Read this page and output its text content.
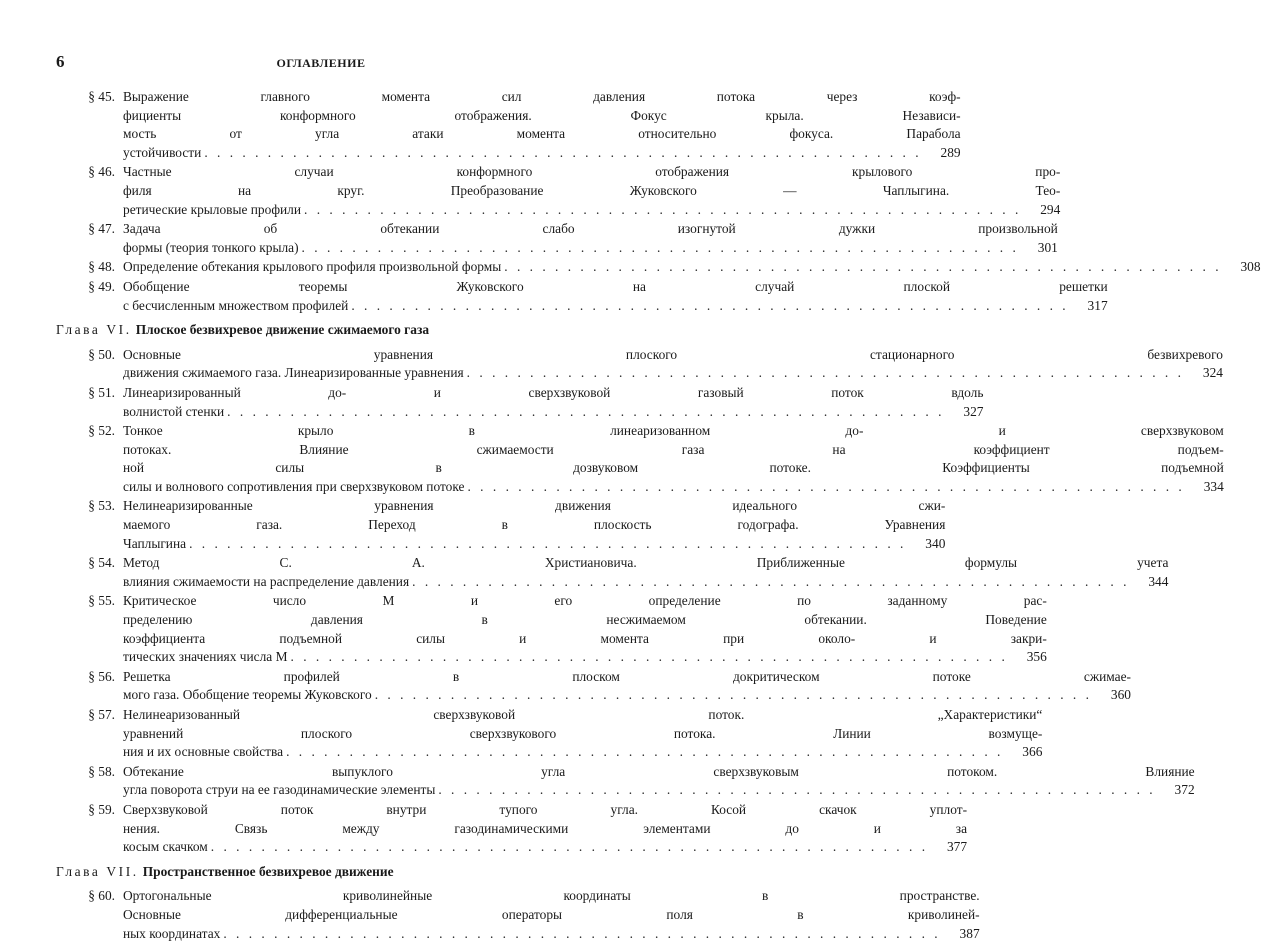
6	ОГЛАВЛЕНИЕ
§ 45. Выражение главного момента сил давления потока через коэф-
фициенты конформного отображения. Фокус крыла. Независи-
мость от угла атаки момента относительно фокуса. Парабола
устойчивости . . .	289
§ 46. Частные случаи конформного отображения крылового про-
филя на круг. Преобразование Жуковского — Чаплыгина. Тео-
ретические крыловые профили . . .	294
§ 47. Задача об обтекании слабо изогнутой дужки произвольной
формы (теория тонкого крыла) . . .	301
§ 48. Определение обтекания крылового профиля произвольной формы . . .	308
§ 49. Обобщение теоремы Жуковского на случай плоской решетки
с бесчисленным множеством профилей . . .	317
Глава VI. Плоское безвихревое движение сжимаемого газа
§ 50. Основные уравнения плоского стационарного безвихревого
движения сжимаемого газа. Линеаризированные уравнения . . .	324
§ 51. Линеаризированный до- и сверхзвуковой газовый поток вдоль
волнистой стенки . . .	327
§ 52. Тонкое крыло в линеаризованном до- и сверхзвуковом
потоках. Влияние сжимаемости газа на коэффициент подъем-
ной силы в дозвуковом потоке. Коэффициенты подъемной
силы и волнового сопротивления при сверхзвуковом потоке . . .	334
§ 53. Нелинеаризированные уравнения движения идеального сжи-
маемого газа. Переход в плоскость годографа. Уравнения
Чаплыгина . . .	340
§ 54. Метод С. А. Христиановича. Приближенные формулы учета
влияния сжимаемости на распределение давления . . .	344
§ 55. Критическое число M и его определение по заданному рас-
пределению давления в несжимаемом обтекании. Поведение
коэффициента подъемной силы и момента при около- и закри-
тических значениях числа M . . .	356
§ 56. Решетка профилей в плоском докритическом потоке сжимае-
мого газа. Обобщение теоремы Жуковского . . .	360
§ 57. Нелинеаризованный сверхзвуковой поток. „Характеристики“
уравнений плоского сверхзвукового потока. Линии возмуще-
ния и их основные свойства . . .	366
§ 58. Обтекание выпуклого угла сверхзвуковым потоком. Влияние
угла поворота струи на ее газодинамические элементы . . .	372
§ 59. Сверхзвуковой поток внутри тупого угла. Косой скачок уплот-
нения. Связь между газодинамическими элементами до и за
косым скачком . . .	377
Глава VII. Пространственное безвихревое движение
§ 60. Ортогональные криволинейные координаты в пространстве.
Основные дифференциальные операторы поля в криволиней-
ных координатах . . .	387
